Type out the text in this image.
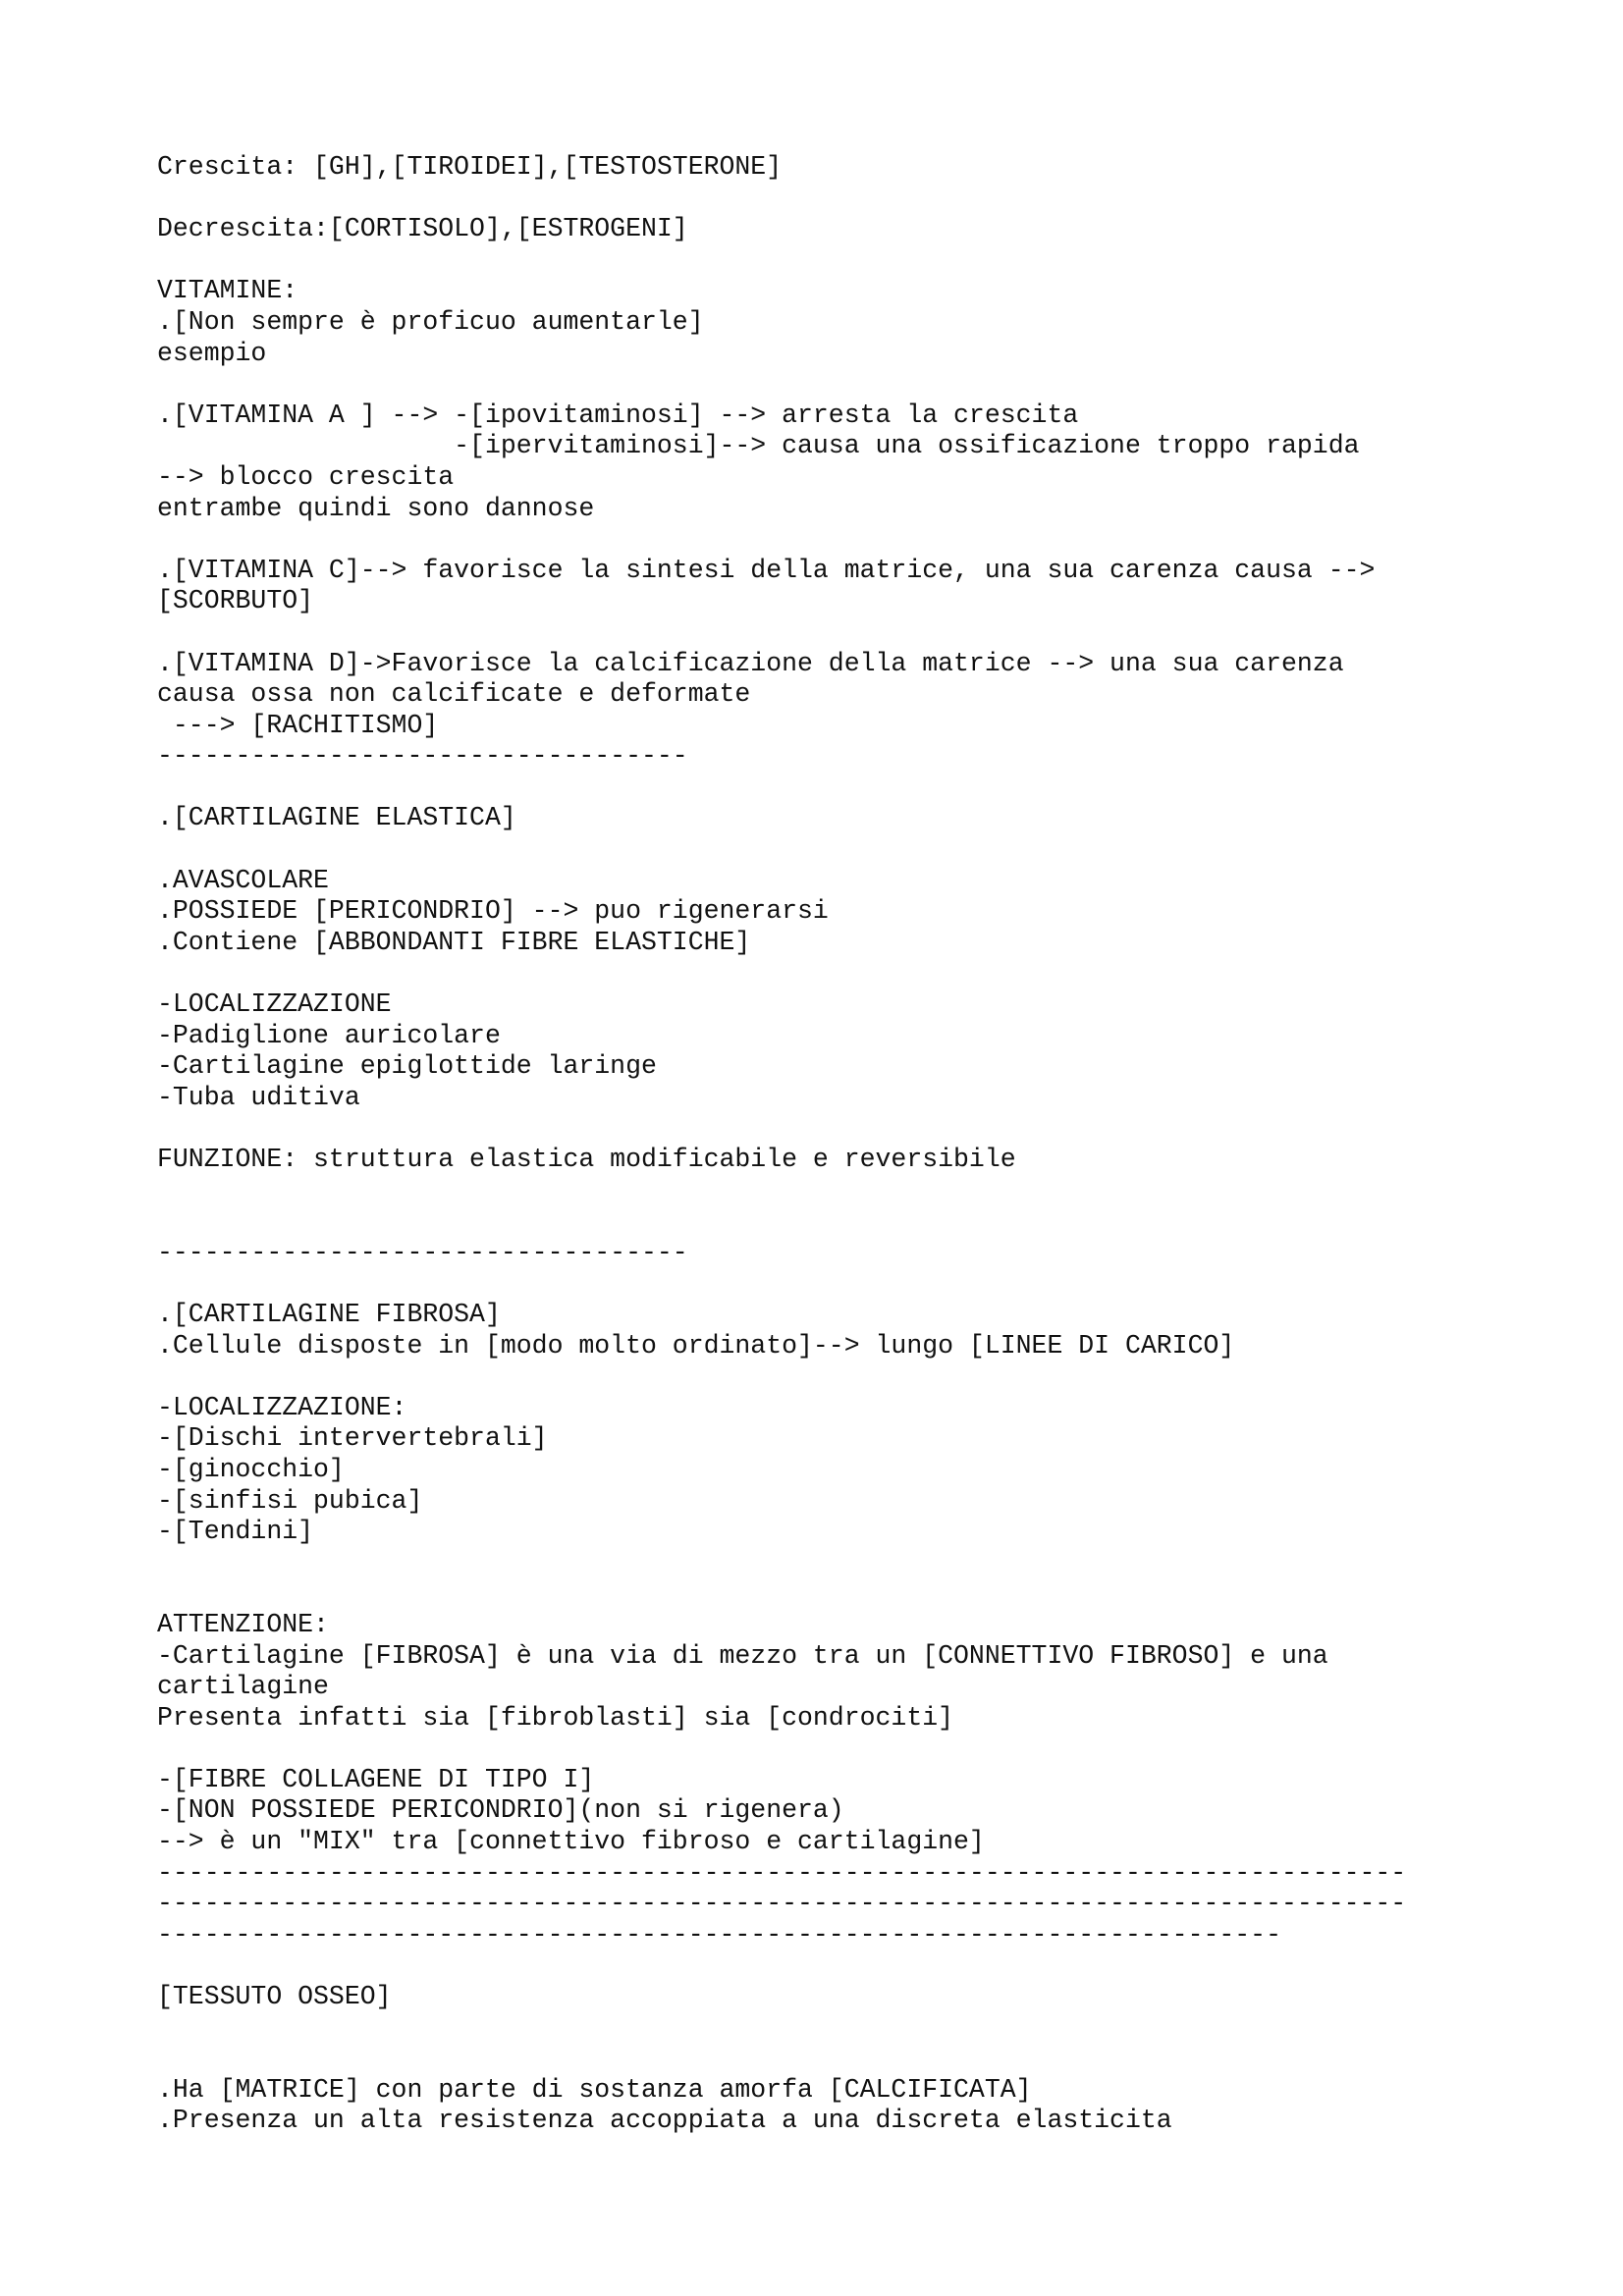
Crescita: [GH],[TIROIDEI],[TESTOSTERONE]
Decrescita:[CORTISOLO],[ESTROGENI]
VITAMINE:
.[Non sempre è proficuo aumentarle]
esempio
.[VITAMINA A ] --> -[ipovitaminosi] --> arresta la crescita
-[ipervitaminosi]--> causa una ossificazione troppo rapida
--> blocco crescita
entrambe quindi sono dannose
.[VITAMINA C]--> favorisce la sintesi della matrice, una sua carenza causa -->
[SCORBUTO]
.[VITAMINA D]->Favorisce la calcificazione della matrice --> una sua carenza
causa ossa non calcificate e deformate
---> [RACHITISMO]
----------------------------------
.[CARTILAGINE ELASTICA]
.AVASCOLARE
.POSSIEDE [PERICONDRIO] --> puo rigenerarsi
.Contiene [ABBONDANTI FIBRE ELASTICHE]
-LOCALIZZAZIONE
-Padiglione auricolare
-Cartilagine epiglottide laringe
-Tuba uditiva
FUNZIONE: struttura elastica modificabile e reversibile
----------------------------------
.[CARTILAGINE FIBROSA]
.Cellule disposte in [modo molto ordinato]--> lungo [LINEE DI CARICO]
-LOCALIZZAZIONE:
-[Dischi intervertebrali]
-[ginocchio]
-[sinfisi pubica]
-[Tendini]
ATTENZIONE:
-Cartilagine [FIBROSA] è una via di mezzo tra un [CONNETTIVO FIBROSO] e una
cartilagine
Presenta infatti sia [fibroblasti] sia [condrociti]
-[FIBRE COLLAGENE DI TIPO I]
-[NON POSSIEDE PERICONDRIO](non si rigenera)
--> è un "MIX" tra [connettivo fibroso e cartilagine]
--------------------------------------------------------------------------------
--------------------------------------------------------------------------------
------------------------------------------------------------------------
[TESSUTO OSSEO]
.Ha [MATRICE] con parte di sostanza amorfa [CALCIFICATA]
.Presenza un alta resistenza accoppiata a una discreta elasticita
